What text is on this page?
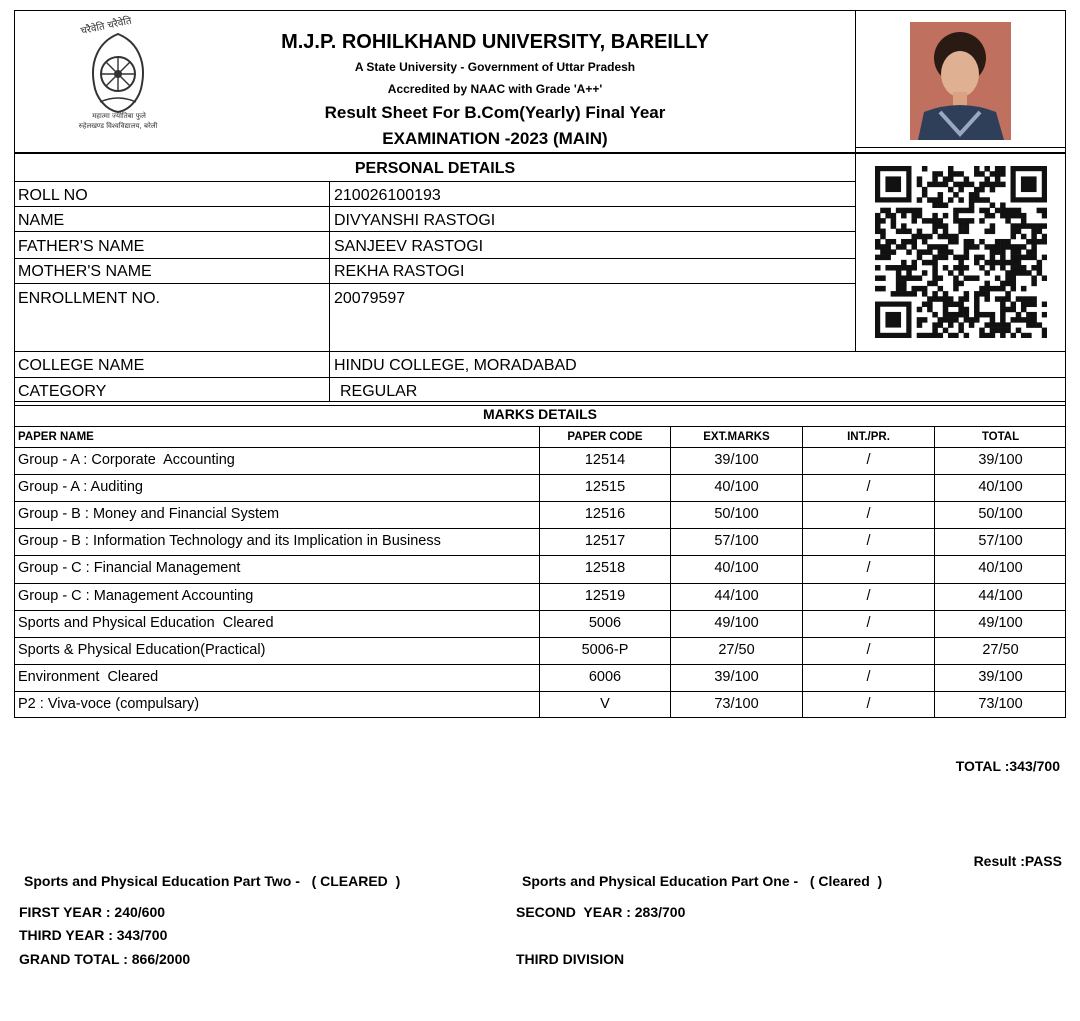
चरैवेति चरैवेति
महात्मा ज्योतिबा फुले
रुहेलखण्ड विश्वविद्यालय, बरेली
M.J.P. ROHILKHAND UNIVERSITY, BAREILLY
A State University - Government of Uttar Pradesh
Accredited by NAAC with Grade 'A++'
Result Sheet For B.Com(Yearly) Final Year
EXAMINATION -2023 (MAIN)
PERSONAL DETAILS
ROLL NO	210026100193
NAME	DIVYANSHI RASTOGI
FATHER'S NAME	SANJEEV RASTOGI
MOTHER'S NAME	REKHA RASTOGI
ENROLLMENT NO.	20079597
COLLEGE NAME	HINDU COLLEGE, MORADABAD
CATEGORY	REGULAR
MARKS DETAILS
PAPER NAME	PAPER CODE	EXT.MARKS	INT./PR.	TOTAL
Group - A : Corporate  Accounting	12514	39/100	/	39/100
Group - A : Auditing	12515	40/100	/	40/100
Group - B : Money and Financial System	12516	50/100	/	50/100
Group - B : Information Technology and its Implication in Business	12517	57/100	/	57/100
Group - C : Financial Management	12518	40/100	/	40/100
Group - C : Management Accounting	12519	44/100	/	44/100
Sports and Physical Education  Cleared	5006	49/100	/	49/100
Sports & Physical Education(Practical)	5006-P	27/50	/	27/50
Environment  Cleared	6006	39/100	/	39/100
P2 : Viva-voce (compulsary)	V	73/100	/	73/100
TOTAL :343/700
Result :PASS
Sports and Physical Education Part Two -   ( CLEARED  )	Sports and Physical Education Part One -   ( Cleared  )
FIRST YEAR : 240/600	SECOND  YEAR : 283/700
THIRD YEAR : 343/700
GRAND TOTAL : 866/2000	THIRD DIVISION
